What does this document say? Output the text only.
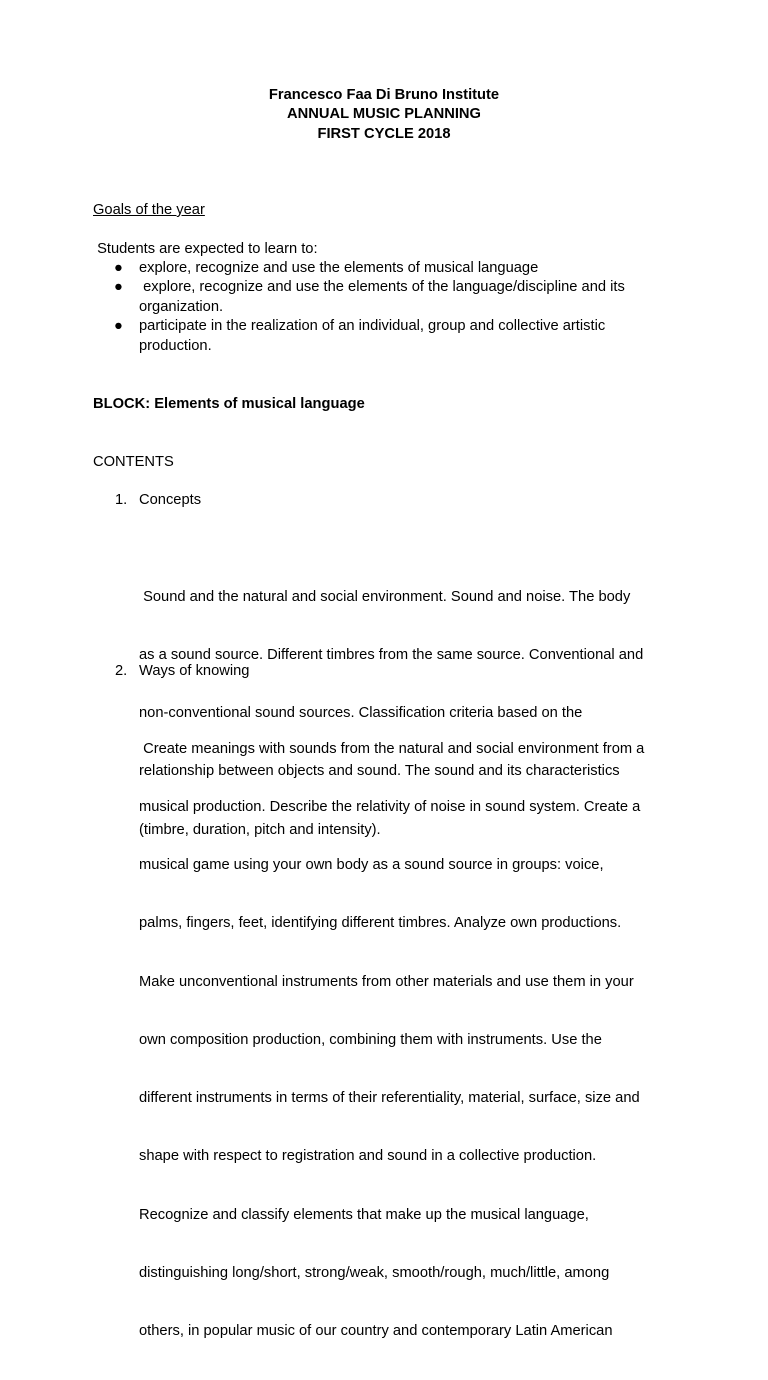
Francesco Faa Di Bruno Institute
ANNUAL MUSIC PLANNING
FIRST CYCLE 2018
Goals of the year
Students are expected to learn to:
● explore, recognize and use the elements of musical language
● explore, recognize and use the elements of the language/discipline and its
organization.
● participate in the realization of an individual, group and collective artistic
production.
BLOCK: Elements of musical language
CONTENTS
1. Concepts

Sound and the natural and social environment. Sound and noise. The body

as a sound source. Different timbres from the same source. Conventional and

non-conventional sound sources. Classification criteria based on the

relationship between objects and sound. The sound and its characteristics

(timbre, duration, pitch and intensity).

2. Ways of knowing

Create meanings with sounds from the natural and social environment from a

musical production. Describe the relativity of noise in sound system. Create a

musical game using your own body as a sound source in groups: voice,

palms, fingers, feet, identifying different timbres. Analyze own productions.

Make unconventional instruments from other materials and use them in your

own composition production, combining them with instruments. Use the

different instruments in terms of their referentiality, material, surface, size and

shape with respect to registration and sound in a collective production.

Recognize and classify elements that make up the musical language,

distinguishing long/short, strong/weak, smooth/rough, much/little, among

others, in popular music of our country and contemporary Latin American
